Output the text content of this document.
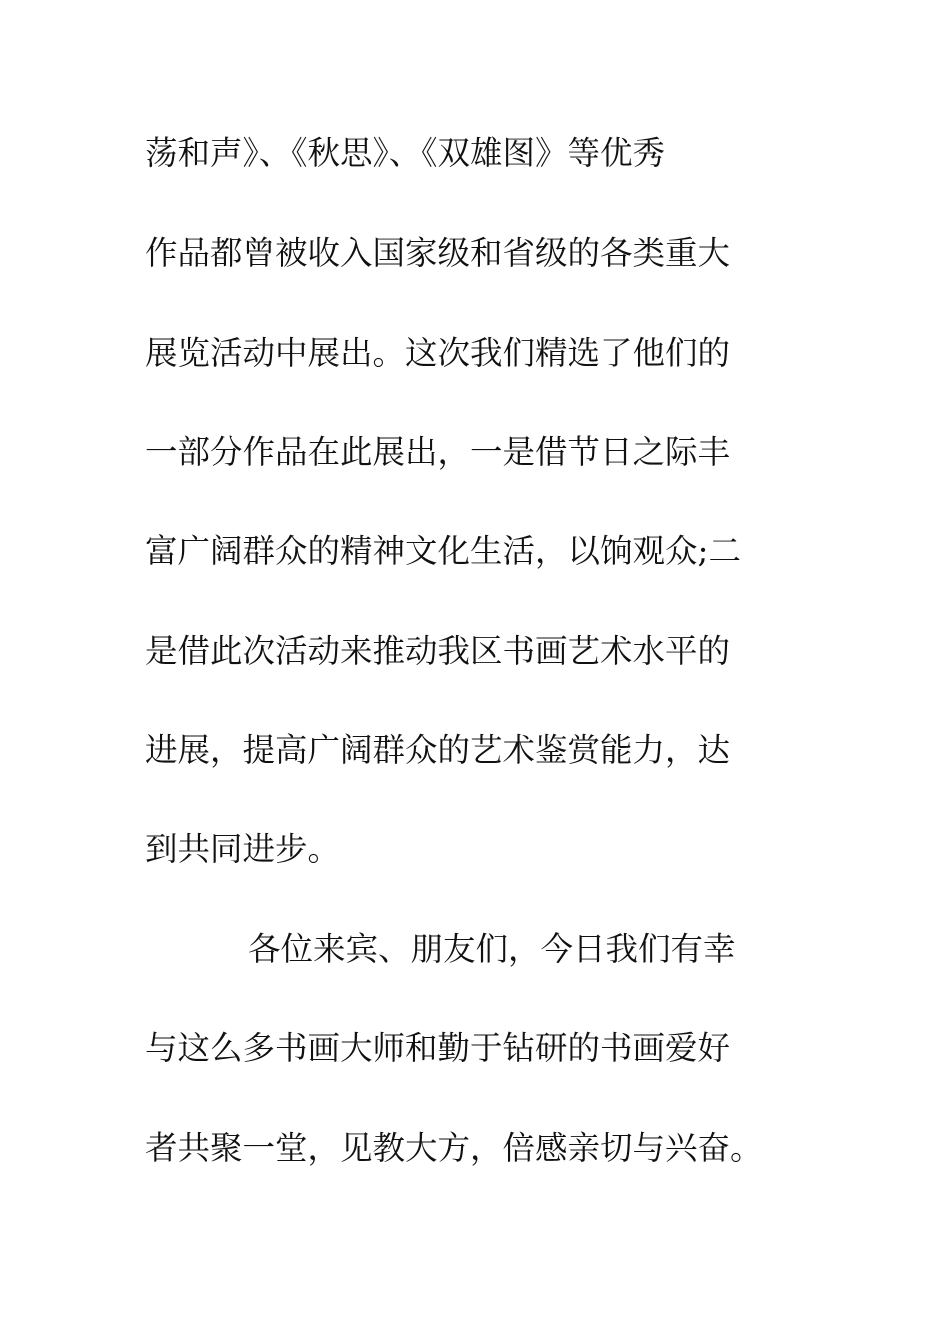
荡和声》、《秋思》、《双雄图》等优秀
作品都曾被收入国家级和省级的各类重大
展览活动中展出。这次我们精选了他们的
一部分作品在此展出，一是借节日之际丰
富广阔群众的精神文化生活，以饷观众;二
是借此次活动来推动我区书画艺术水平的
进展，提高广阔群众的艺术鉴赏能力，达
到共同进步。
各位来宾、朋友们，今日我们有幸
与这么多书画大师和勤于钻研的书画爱好
者共聚一堂，见教大方，倍感亲切与兴奋。
